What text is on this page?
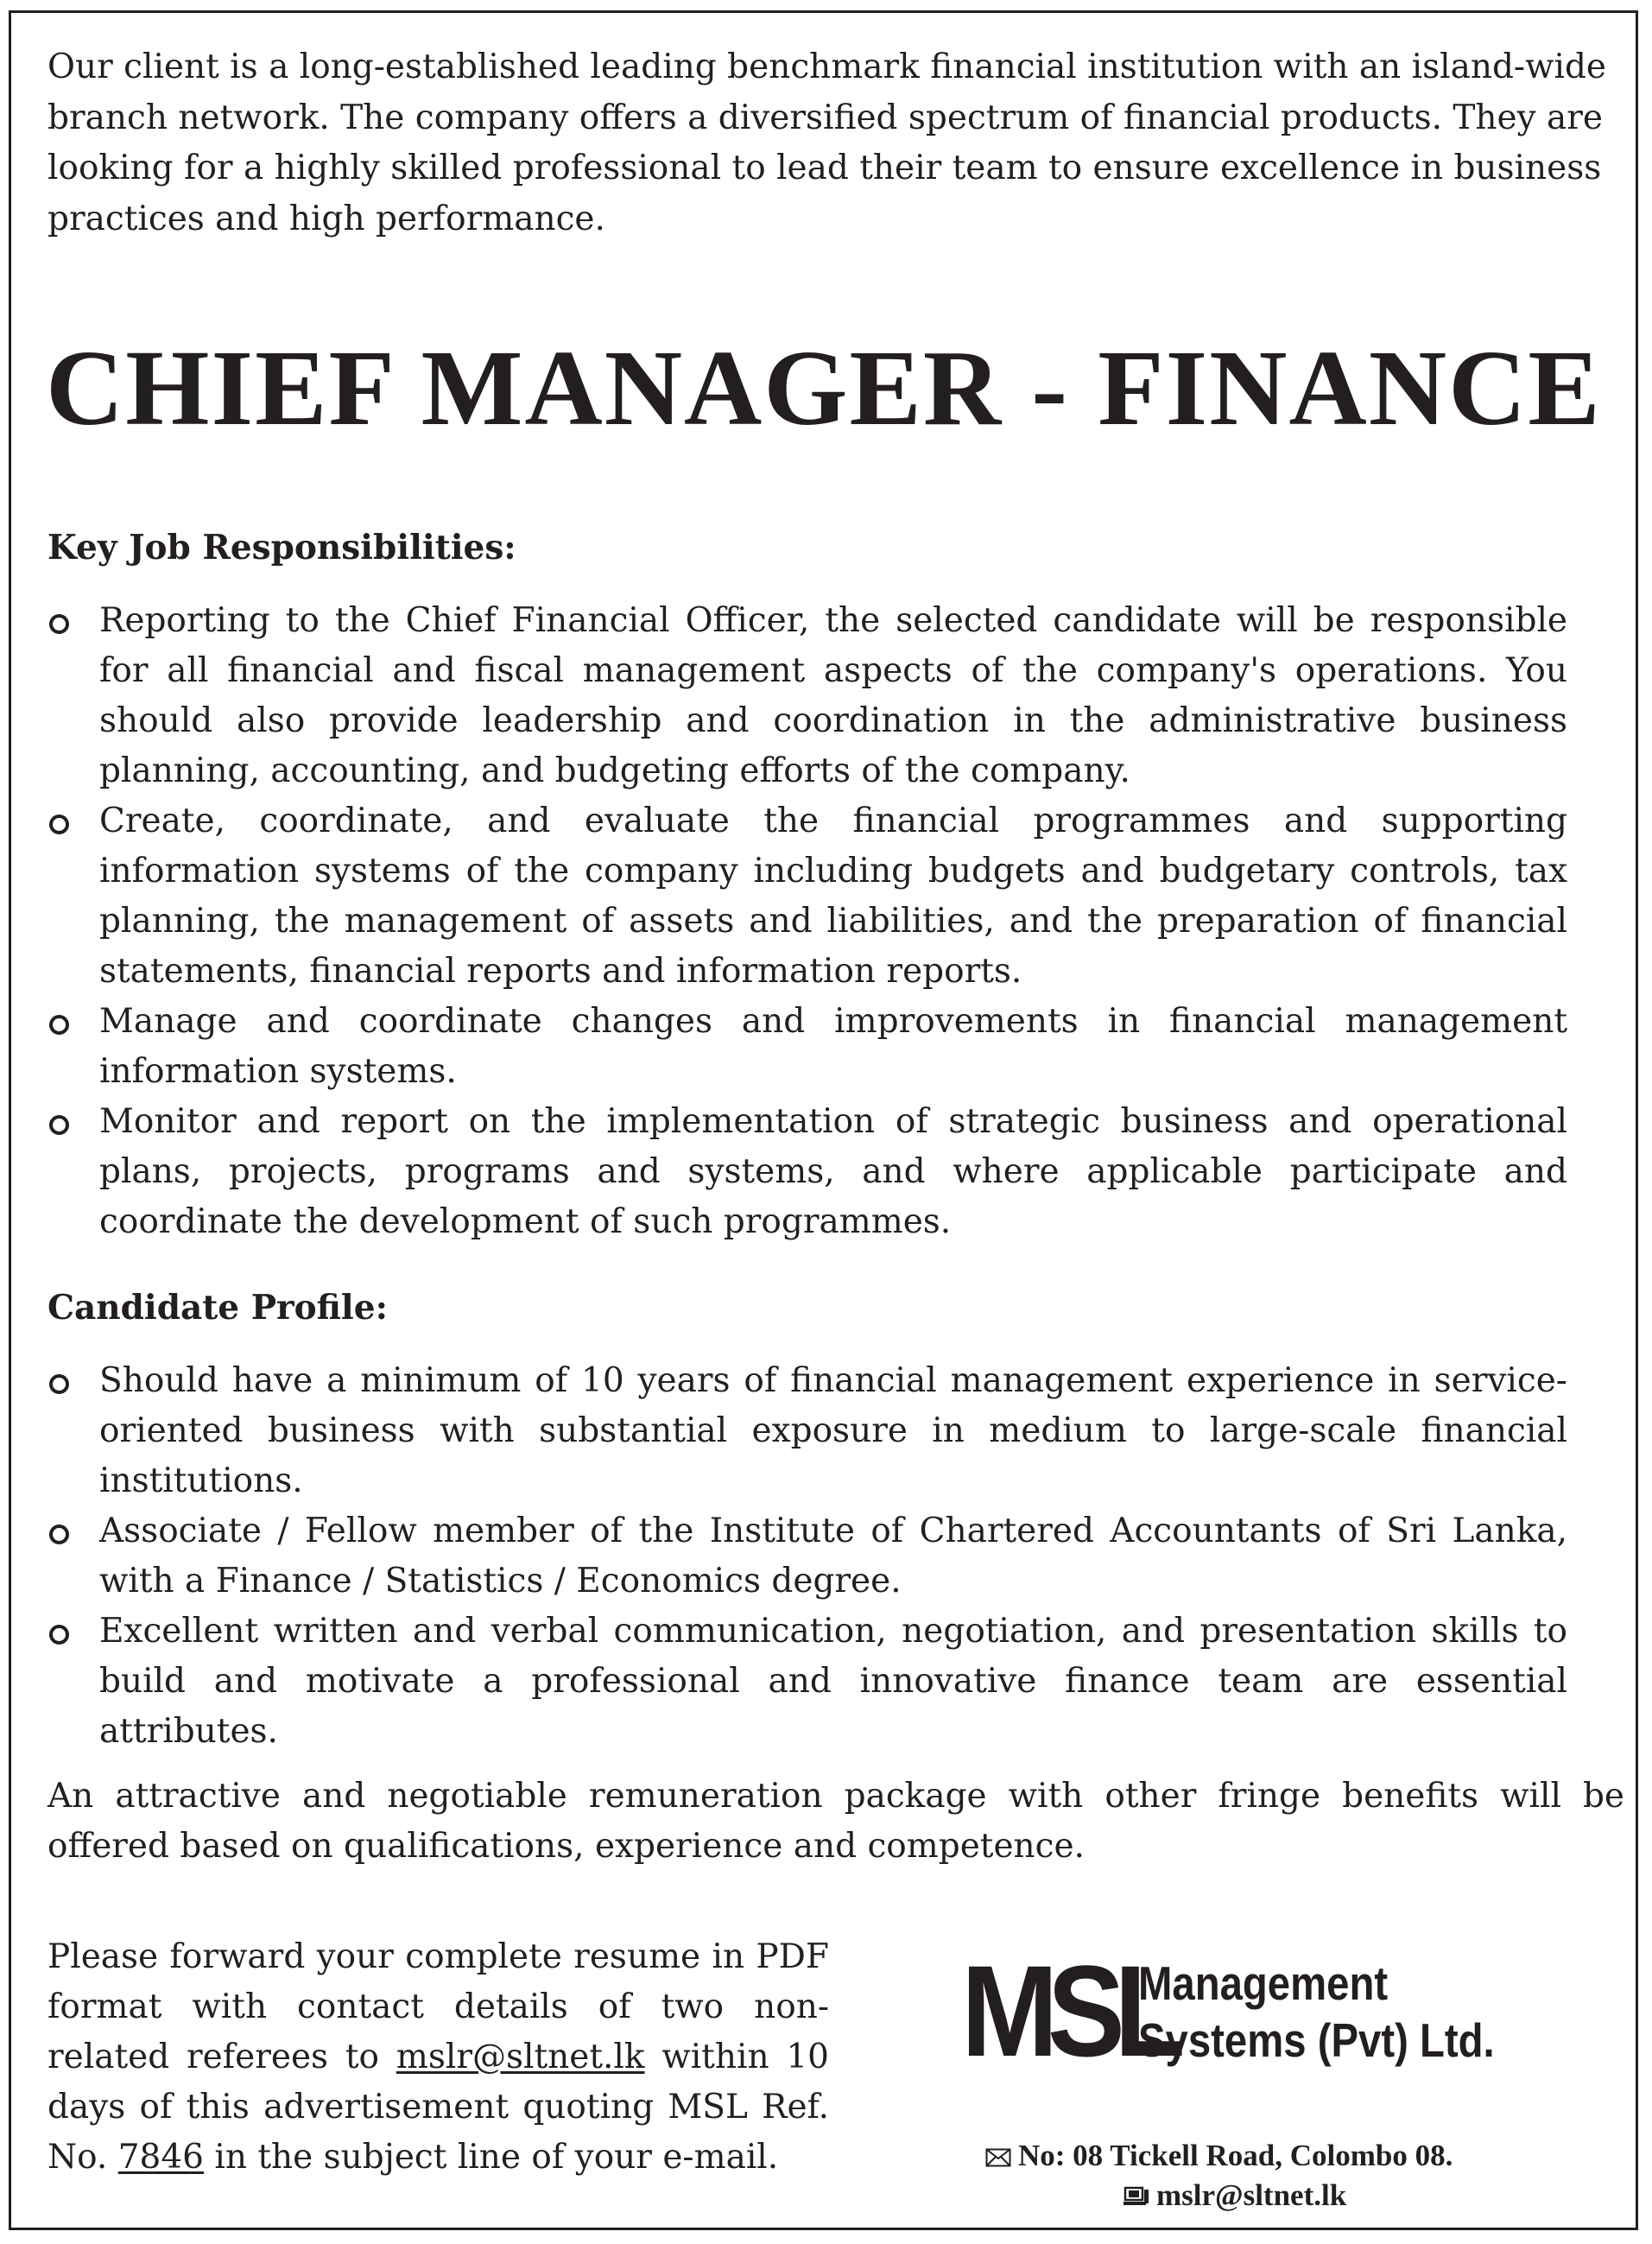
Our client is a long-established leading benchmark financial institution with an island-wide branch network. The company offers a diversified spectrum of financial products. They are looking for a highly skilled professional to lead their team to ensure excellence in business practices and high performance.

CHIEF MANAGER - FINANCE
Key Job Responsibilities:
Reporting to the Chief Financial Officer, the selected candidate will be responsible for all financial and fiscal management aspects of the company's operations. You should also provide leadership and coordination in the administrative business planning, accounting, and budgeting efforts of the company.
Create, coordinate, and evaluate the financial programmes and supporting information systems of the company including budgets and budgetary controls, tax planning, the management of assets and liabilities, and the preparation of financial statements, financial reports and information reports.
Manage and coordinate changes and improvements in financial management information systems.
Monitor and report on the implementation of strategic business and operational plans, projects, programs and systems, and where applicable participate and coordinate the development of such programmes.
Candidate Profile:
Should have a minimum of 10 years of financial management experience in service-oriented business with substantial exposure in medium to large-scale financial institutions.
Associate / Fellow member of the Institute of Chartered Accountants of Sri Lanka, with a Finance / Statistics / Economics degree.
Excellent written and verbal communication, negotiation, and presentation skills to build and motivate a professional and innovative finance team are essential attributes.

An attractive and negotiable remuneration package with other fringe benefits will be offered based on qualifications, experience and competence.

Please forward your complete resume in PDF format with contact details of two non-related referees to mslr@sltnet.lk within 10 days of this advertisement quoting MSL Ref. No. 7846 in the subject line of your e-mail.

MSL
Management
Systems (Pvt) Ltd.
No: 08 Tickell Road, Colombo 08.
mslr@sltnet.lk
